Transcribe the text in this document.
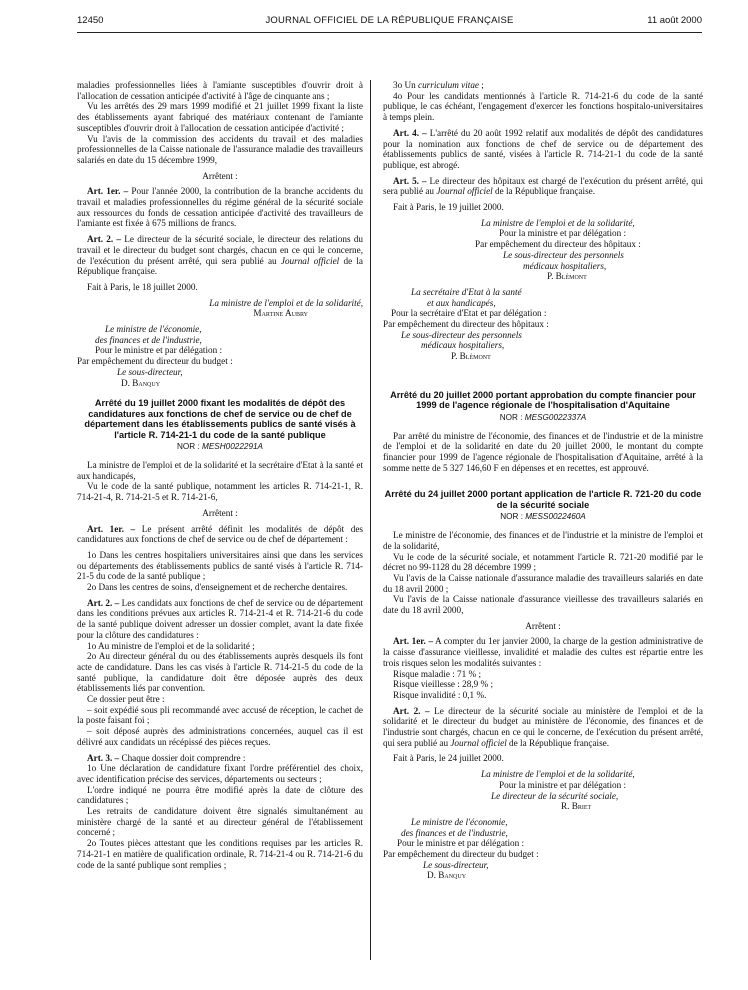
12450	JOURNAL OFFICIEL DE LA RÉPUBLIQUE FRANÇAISE	11 août 2000

maladies professionnelles liées à l'amiante susceptibles d'ouvrir droit à l'allocation de cessation anticipée d'activité à l'âge de cinquante ans ;

Vu les arrêtés des 29 mars 1999 modifié et 21 juillet 1999 fixant la liste des établissements ayant fabriqué des matériaux contenant de l'amiante susceptibles d'ouvrir droit à l'allocation de cessation anticipée d'activité ;

Vu l'avis de la commission des accidents du travail et des maladies professionnelles de la Caisse nationale de l'assurance maladie des travailleurs salariés en date du 15 décembre 1999,

Arrêtent :

Art. 1er. – Pour l'année 2000, la contribution de la branche accidents du travail et maladies professionnelles du régime général de la sécurité sociale aux ressources du fonds de cessation anticipée d'activité des travailleurs de l'amiante est fixée à 675 millions de francs.

Art. 2. – Le directeur de la sécurité sociale, le directeur des relations du travail et le directeur du budget sont chargés, chacun en ce qui le concerne, de l'exécution du présent arrêté, qui sera publié au Journal officiel de la République française.

Fait à Paris, le 18 juillet 2000.

La ministre de l'emploi et de la solidarité,
Martine Aubry
Le ministre de l'économie,
des finances et de l'industrie,
Pour le ministre et par délégation :
Par empêchement du directeur du budget :
Le sous-directeur,
D. Banquy

Arrêté du 19 juillet 2000 fixant les modalités de dépôt des candidatures aux fonctions de chef de service ou de chef de département dans les établissements publics de santé visés à l'article R. 714-21-1 du code de la santé publique

NOR : MESH0022291A

La ministre de l'emploi et de la solidarité et la secrétaire d'Etat à la santé et aux handicapés,

Vu le code de la santé publique, notamment les articles R. 714-21-1, R. 714-21-4, R. 714-21-5 et R. 714-21-6,

Arrêtent :

Art. 1er. – Le présent arrêté définit les modalités de dépôt des candidatures aux fonctions de chef de service ou de chef de département :

1o Dans les centres hospitaliers universitaires ainsi que dans les services ou départements des établissements publics de santé visés à l'article R. 714-21-5 du code de la santé publique ;

2o Dans les centres de soins, d'enseignement et de recherche dentaires.

Art. 2. – Les candidats aux fonctions de chef de service ou de département dans les conditions prévues aux articles R. 714-21-4 et R. 714-21-6 du code de la santé publique doivent adresser un dossier complet, avant la date fixée pour la clôture des candidatures :

1o Au ministre de l'emploi et de la solidarité ;

2o Au directeur général du ou des établissements auprès desquels ils font acte de candidature. Dans les cas visés à l'article R. 714-21-5 du code de la santé publique, la candidature doit être déposée auprès des deux établissements liés par convention.

Ce dossier peut être :

– soit expédié sous pli recommandé avec accusé de réception, le cachet de la poste faisant foi ;

– soit déposé auprès des administrations concernées, auquel cas il est délivré aux candidats un récépissé des pièces reçues.

Art. 3. – Chaque dossier doit comprendre :

1o Une déclaration de candidature fixant l'ordre préférentiel des choix, avec identification précise des services, départements ou secteurs ;

L'ordre indiqué ne pourra être modifié après la date de clôture des candidatures ;

Les retraits de candidature doivent être signalés simultanément au ministère chargé de la santé et au directeur général de l'établissement concerné ;

2o Toutes pièces attestant que les conditions requises par les articles R. 714-21-1 en matière de qualification ordinale, R. 714-21-4 ou R. 714-21-6 du code de la santé publique sont remplies ;

3o Un curriculum vitae ;

4o Pour les candidats mentionnés à l'article R. 714-21-6 du code de la santé publique, le cas échéant, l'engagement d'exercer les fonctions hospitalo-universitaires à temps plein.

Art. 4. – L'arrêté du 20 août 1992 relatif aux modalités de dépôt des candidatures pour la nomination aux fonctions de chef de service ou de département des établissements publics de santé, visées à l'article R. 714-21-1 du code de la santé publique, est abrogé.

Art. 5. – Le directeur des hôpitaux est chargé de l'exécution du présent arrêté, qui sera publié au Journal officiel de la République française.

Fait à Paris, le 19 juillet 2000.

La ministre de l'emploi et de la solidarité,
Pour la ministre et par délégation :
Par empêchement du directeur des hôpitaux :
Le sous-directeur des personnels
médicaux hospitaliers,
P. Blémont
La secrétaire d'Etat à la santé
et aux handicapés,
Pour la secrétaire d'Etat et par délégation :
Par empêchement du directeur des hôpitaux :
Le sous-directeur des personnels
médicaux hospitaliers,
P. Blémont

Arrêté du 20 juillet 2000 portant approbation du compte financier pour 1999 de l'agence régionale de l'hospitalisation d'Aquitaine

NOR : MESG0022337A

Par arrêté du ministre de l'économie, des finances et de l'industrie et de la ministre de l'emploi et de la solidarité en date du 20 juillet 2000, le montant du compte financier pour 1999 de l'agence régionale de l'hospitalisation d'Aquitaine, arrêté à la somme nette de 5 327 146,60 F en dépenses et en recettes, est approuvé.

Arrêté du 24 juillet 2000 portant application de l'article R. 721-20 du code de la sécurité sociale

NOR : MESS0022460A

Le ministre de l'économie, des finances et de l'industrie et la ministre de l'emploi et de la solidarité,

Vu le code de la sécurité sociale, et notamment l'article R. 721-20 modifié par le décret no 99-1128 du 28 décembre 1999 ;

Vu l'avis de la Caisse nationale d'assurance maladie des travailleurs salariés en date du 18 avril 2000 ;

Vu l'avis de la Caisse nationale d'assurance vieillesse des travailleurs salariés en date du 18 avril 2000,

Arrêtent :

Art. 1er. – A compter du 1er janvier 2000, la charge de la gestion administrative de la caisse d'assurance vieillesse, invalidité et maladie des cultes est répartie entre les trois risques selon les modalités suivantes :

Risque maladie : 71 % ;

Risque vieillesse : 28,9 % ;

Risque invalidité : 0,1 %.

Art. 2. – Le directeur de la sécurité sociale au ministère de l'emploi et de la solidarité et le directeur du budget au ministère de l'économie, des finances et de l'industrie sont chargés, chacun en ce qui le concerne, de l'exécution du présent arrêté, qui sera publié au Journal officiel de la République française.

Fait à Paris, le 24 juillet 2000.

La ministre de l'emploi et de la solidarité,
Pour la ministre et par délégation :
Le directeur de la sécurité sociale,
R. Briet
Le ministre de l'économie,
des finances et de l'industrie,
Pour le ministre et par délégation :
Par empêchement du directeur du budget :
Le sous-directeur,
D. Banquy
